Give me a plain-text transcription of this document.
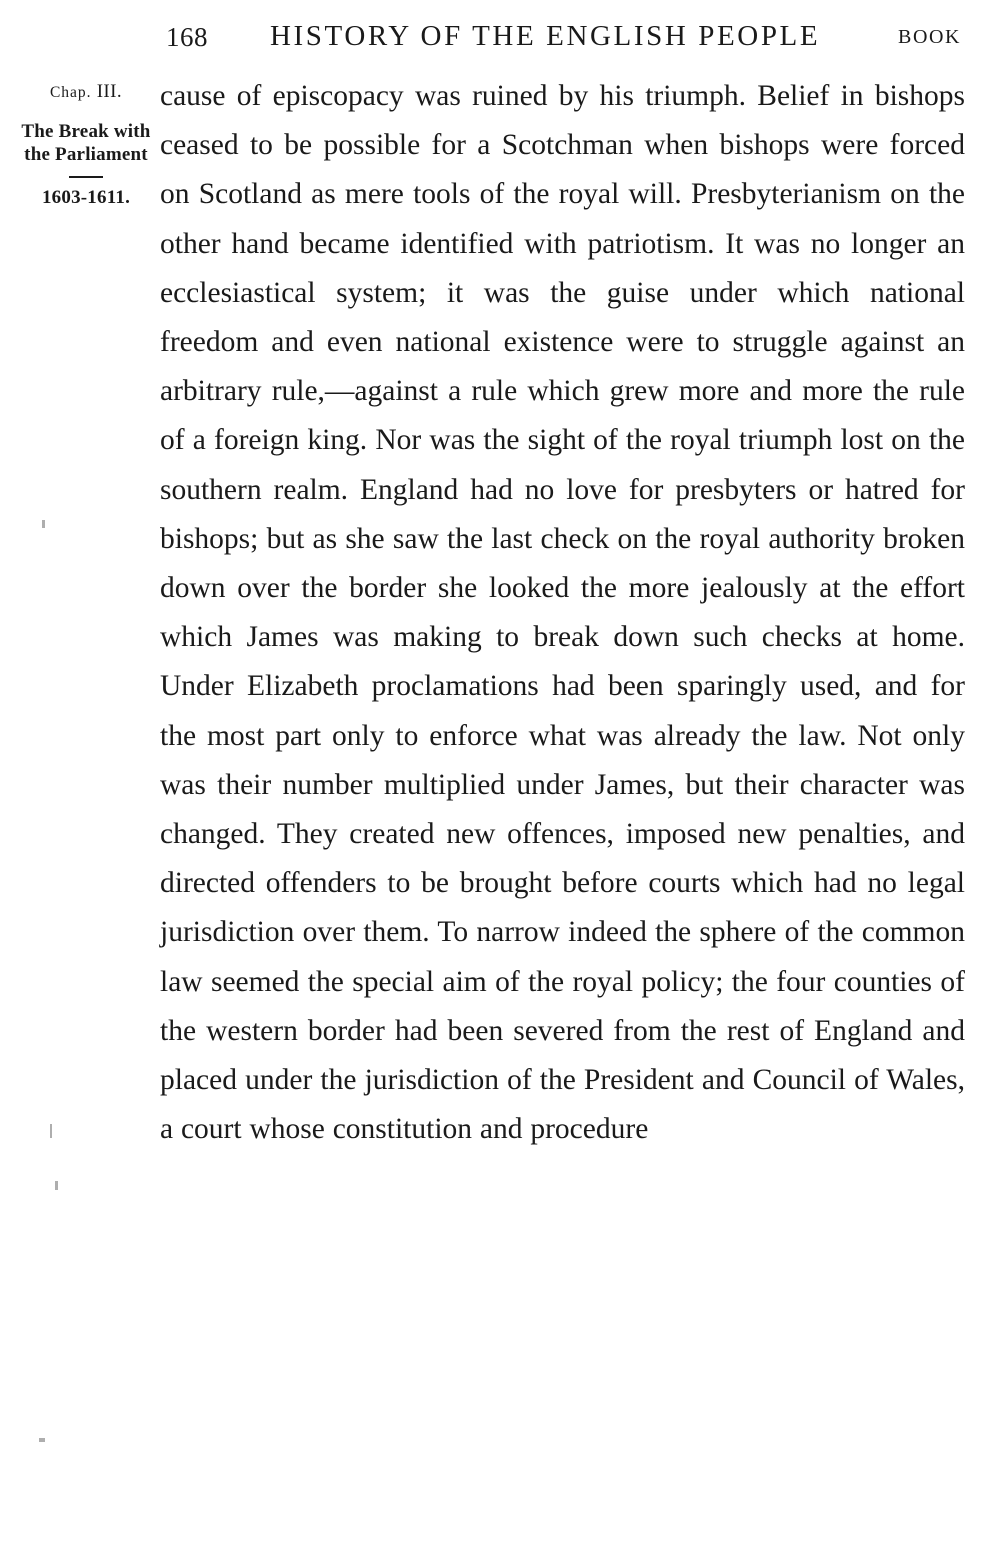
168 HISTORY OF THE ENGLISH PEOPLE	BOOK
Chap. III.
The Break with the Parliament
1603-1611.

cause of episcopacy was ruined by his triumph. Belief in bishops ceased to be possible for a Scotchman when bishops were forced on Scotland as mere tools of the royal will. Presbyterianism on the other hand became identified with patriotism. It was no longer an ecclesiastical system; it was the guise under which national freedom and even national existence were to struggle against an arbitrary rule,—against a rule which grew more and more the rule of a foreign king. Nor was the sight of the royal triumph lost on the southern realm. England had no love for presbyters or hatred for bishops; but as she saw the last check on the royal authority broken down over the border she looked the more jealously at the effort which James was making to break down such checks at home. Under Elizabeth proclamations had been sparingly used, and for the most part only to enforce what was already the law. Not only was their number multiplied under James, but their character was changed. They created new offences, imposed new penalties, and directed offenders to be brought before courts which had no legal jurisdiction over them. To narrow indeed the sphere of the common law seemed the special aim of the royal policy; the four counties of the western border had been severed from the rest of England and placed under the jurisdiction of the President and Council of Wales, a court whose constitution and procedure
